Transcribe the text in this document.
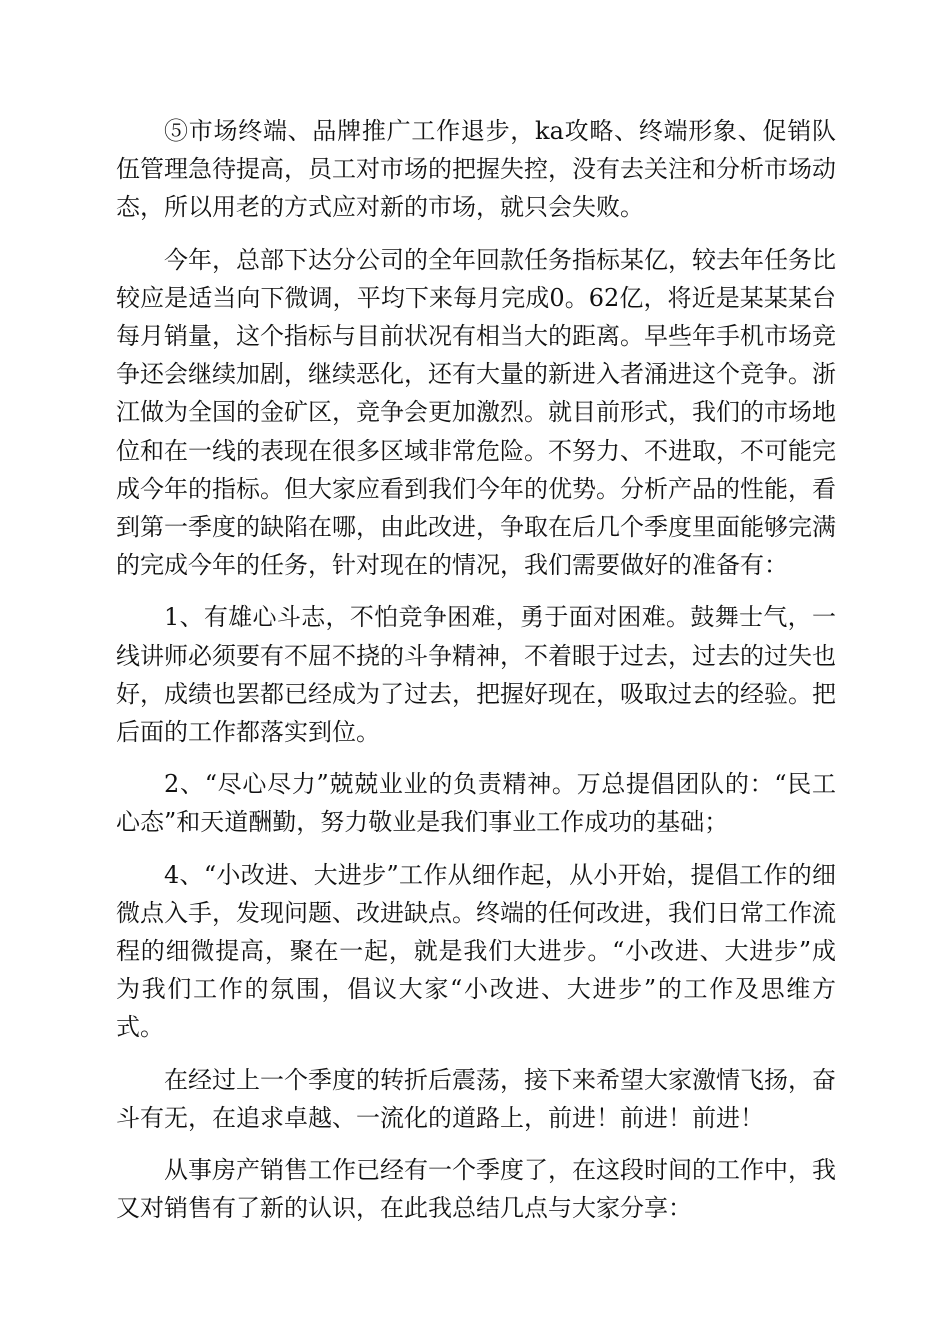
⑤市场终端、品牌推广工作退步，ka攻略、终端形象、促销队伍管理急待提高，员工对市场的把握失控，没有去关注和分析市场动态，所以用老的方式应对新的市场，就只会失败。

今年，总部下达分公司的全年回款任务指标某亿，较去年任务比较应是适当向下微调，平均下来每月完成0。62亿，将近是某某某台每月销量，这个指标与目前状况有相当大的距离。早些年手机市场竞争还会继续加剧，继续恶化，还有大量的新进入者涌进这个竞争。浙江做为全国的金矿区，竞争会更加激烈。就目前形式，我们的市场地位和在一线的表现在很多区域非常危险。不努力、不进取，不可能完成今年的指标。但大家应看到我们今年的优势。分析产品的性能，看到第一季度的缺陷在哪，由此改进，争取在后几个季度里面能够完满的完成今年的任务，针对现在的情况，我们需要做好的准备有：

1、有雄心斗志，不怕竞争困难，勇于面对困难。鼓舞士气，一线讲师必须要有不屈不挠的斗争精神，不着眼于过去，过去的过失也好，成绩也罢都已经成为了过去，把握好现在，吸取过去的经验。把后面的工作都落实到位。

2、“尽心尽力”兢兢业业的负责精神。万总提倡团队的：“民工心态”和天道酬勤，努力敬业是我们事业工作成功的基础；

4、“小改进、大进步”工作从细作起，从小开始，提倡工作的细微点入手，发现问题、改进缺点。终端的任何改进，我们日常工作流程的细微提高，聚在一起，就是我们大进步。“小改进、大进步”成为我们工作的氛围，倡议大家“小改进、大进步”的工作及思维方式。

在经过上一个季度的转折后震荡，接下来希望大家激情飞扬，奋斗有无，在追求卓越、一流化的道路上，前进！前进！前进！

从事房产销售工作已经有一个季度了，在这段时间的工作中，我又对销售有了新的认识，在此我总结几点与大家分享：
